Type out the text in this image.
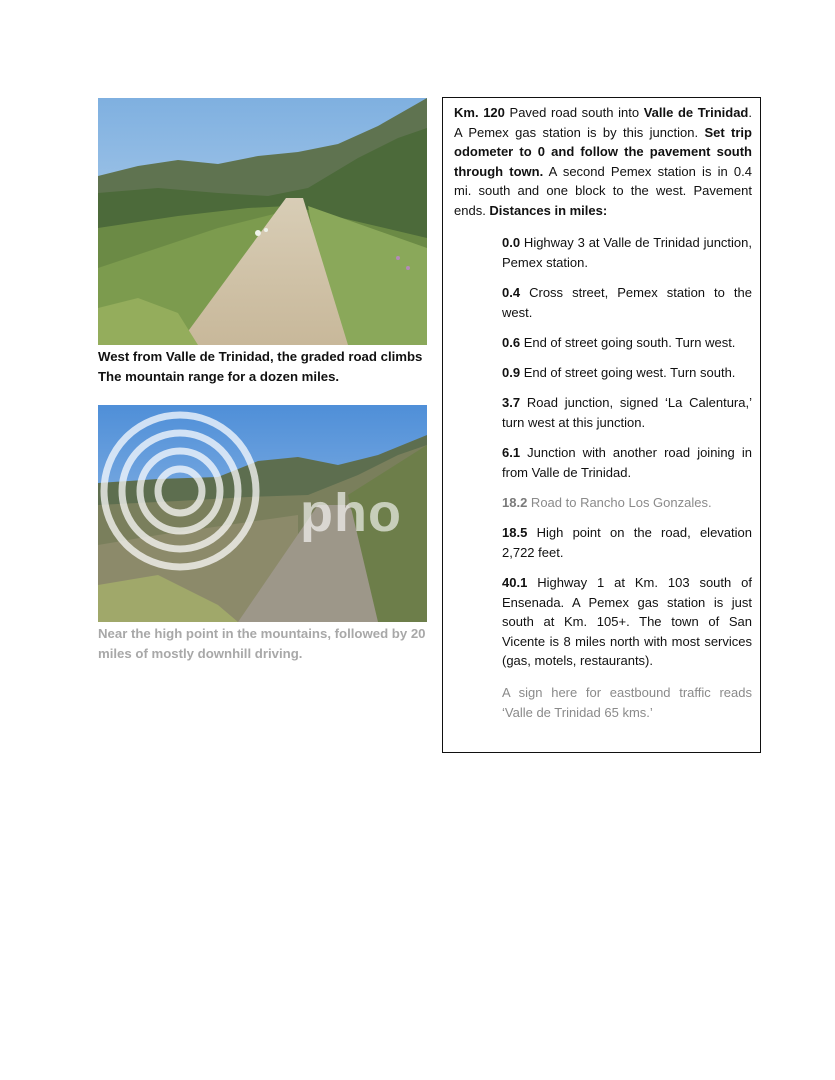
West from Valle de Trinidad, the graded road climbs The mountain range for a dozen miles.
Near the high point in the mountains, followed by 20 miles of mostly downhill driving.
pho

Km. 120 Paved road south into Valle de Trinidad. A Pemex gas station is by this junction. Set trip odometer to 0 and follow the pavement south through town. A second Pemex station is in 0.4 mi. south and one block to the west. Pavement ends. Distances in miles:

0.0 Highway 3 at Valle de Trinidad junction, Pemex station.

0.4 Cross street, Pemex station to the west.

0.6 End of street going south. Turn west.

0.9 End of street going west. Turn south.

3.7 Road junction, signed ‘La Calentura,’ turn west at this junction.

6.1 Junction with another road joining in from Valle de Trinidad.

18.2 Road to Rancho Los Gonzales.

18.5 High point on the road, elevation 2,722 feet.

40.1 Highway 1 at Km. 103 south of Ensenada. A Pemex gas station is just south at Km. 105+. The town of San Vicente is 8 miles north with most services (gas, motels, restaurants).

A sign here for eastbound traffic reads ‘Valle de Trinidad 65 kms.’
